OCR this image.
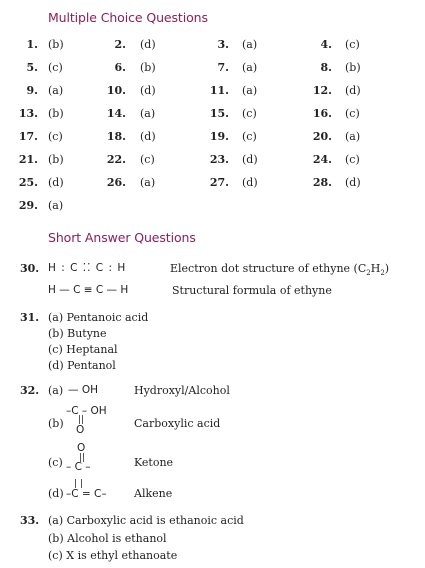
Multiple Choice Questions
1. (b)	2. (d)	3. (a)	4. (c)
5. (c)	6. (b)	7. (a)	8. (b)
9. (a)	10. (d)	11. (a)	12. (d)
13. (b)	14. (a)	15. (c)	16. (c)
17. (c)	18. (d)	19. (c)	20. (a)
21. (b)	22. (c)	23. (d)	24. (c)
25. (d)	26. (a)	27. (d)	28. (d)
29. (a)
Short Answer Questions
30. H : C ⁚⁚ C : H	Electron dot structure of ethyne $(C_2H_2)$
H — C ≡ C — H	Structural formula of ethyne
31. (a) Pentanoic acid
(b) Butyne
(c) Heptanal
(d) Pentanol
32. (a) — OH	Hydroxyl/Alcohol
(b)
–C – OH
||
O	Carboxylic acid
(c)
O
||
– C –	Ketone
(d)
| |
–C = C– Alkene
33. (a) Carboxylic acid is ethanoic acid
(b) Alcohol is ethanol
(c) X is ethyl ethanoate
